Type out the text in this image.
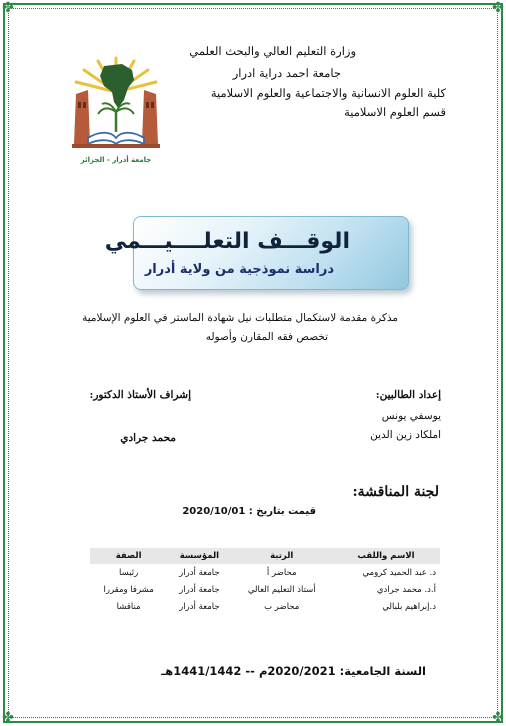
✤	✤
✤	✤
وزارة التعليم العالي والبحث العلمي
جامعة احمد دراية ادرار
كلية العلوم الانسانية والاجتماعية والعلوم الاسلامية
قسم العلوم الاسلامية
جامعة أدرار - الجزائر
الوقـــف التعلــــيـــمي
دراسة نموذجية من ولاية أدرار
مذكرة مقدمة لاستكمال متطلبات نيل شهادة الماستر في العلوم الإسلامية
تخصص فقه المقارن وأصوله
إعداد الطالبين:
إشراف الأستاذ الدكتور:
يوسفي يونس
املكاد زين الدين
محمد جرادي
لجنة المناقشة:
قيمت بتاريخ : 2020/10/01
الاسم واللقب	الرتبة	المؤسسة	الصفة
د. عبد الحميد كرومي	محاضر أ	جامعة أدرار	رئيسا
أ.د. محمد جرادي	أستاذ التعليم العالي	جامعة أدرار	مشرفا ومقررا
د.إبراهيم بلبالي	محاضر ب	جامعة أدرار	مناقشا
السنة الجامعية: 2020/2021م -- 1441/1442هـ
